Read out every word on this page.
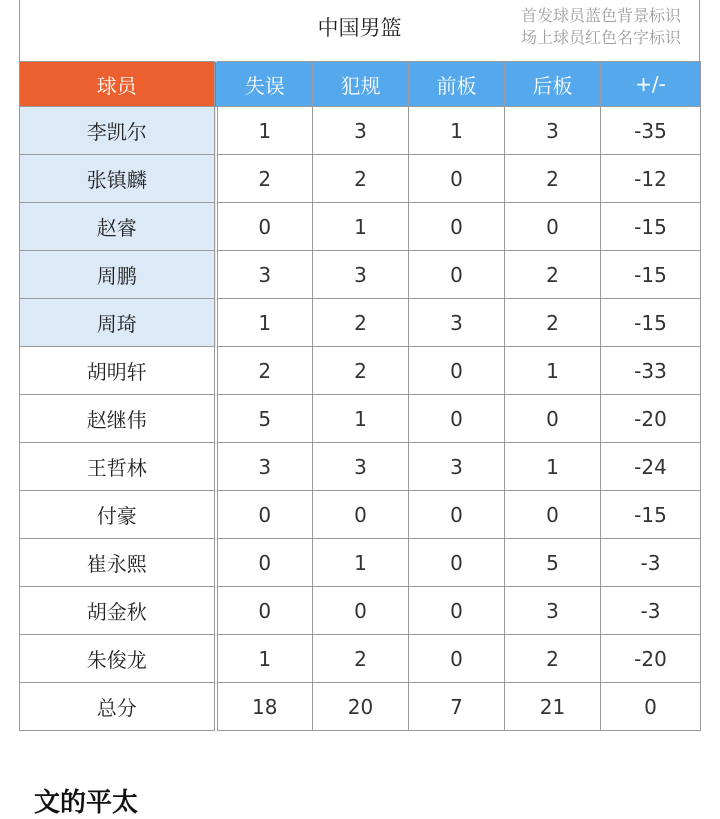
中国男篮
首发球员蓝色背景标识
场上球员红色名字标识
球员	失误	犯规	前板	后板	+/-
李凯尔	1	3	1	3	-35
张镇麟	2	2	0	2	-12
赵睿	0	1	0	0	-15
周鹏	3	3	0	2	-15
周琦	1	2	3	2	-15
胡明轩	2	2	0	1	-33
赵继伟	5	1	0	0	-20
王哲林	3	3	3	1	-24
付豪	0	0	0	0	-15
崔永熙	0	1	0	5	-3
胡金秋	0	0	0	3	-3
朱俊龙	1	2	0	2	-20
总分	18	20	7	21	0
文的平太
